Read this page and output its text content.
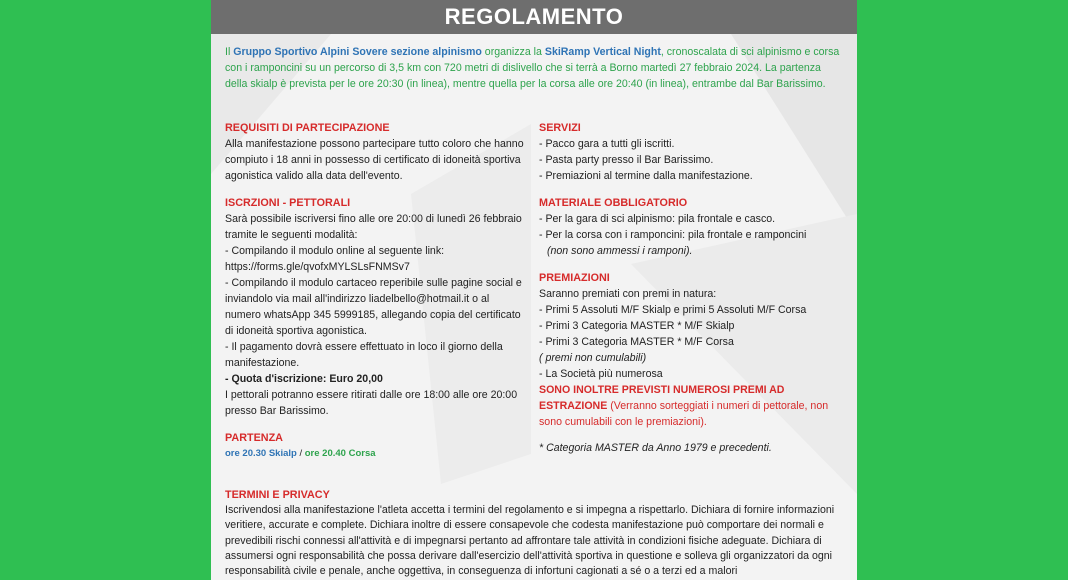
REGOLAMENTO
Il Gruppo Sportivo Alpini Sovere sezione alpinismo organizza la SkiRamp Vertical Night, cronoscalata di sci alpinismo e corsa con i ramponcini su un percorso di 3,5 km con 720 metri di dislivello che si terrà a Borno martedì 27 febbraio 2024. La partenza della skialp è prevista per le ore 20:30 (in linea), mentre quella per la corsa alle ore 20:40 (in linea), entrambe dal Bar Barissimo.

REQUISITI DI PARTECIPAZIONE

Alla manifestazione possono partecipare tutto coloro che hanno compiuto i 18 anni in possesso di certificato di idoneità sportiva agonistica valido alla data dell'evento.

ISCRZIONI - PETTORALI

Sarà possibile iscriversi fino alle ore 20:00 di lunedì 26 febbraio tramite le seguenti modalità:

- Compilando il modulo online al seguente link: https://forms.gle/qvofxMYLSLsFNMSv7

- Compilando il modulo cartaceo reperibile sulle pagine social e inviandolo via mail all'indirizzo liadelbello@hotmail.it o al numero whatsApp 345 5999185, allegando copia del certificato di idoneità sportiva agonistica.

- Il pagamento dovrà essere effettuato in loco il giorno della manifestazione.

- Quota d'iscrizione: Euro 20,00

I pettorali potranno essere ritirati dalle ore 18:00 alle ore 20:00 presso Bar Barissimo.

PARTENZA

ore 20.30 Skialp / ore 20.40 Corsa

SERVIZI

- Pacco gara a tutti gli iscritti.

- Pasta party presso il Bar Barissimo.

- Premiazioni al termine dalla manifestazione.

MATERIALE OBBLIGATORIO

- Per la gara di sci alpinismo: pila frontale e casco.

- Per la corsa con i ramponcini: pila frontale e ramponcini

(non sono ammessi i ramponi).

PREMIAZIONI

Saranno premiati con premi in natura:

- Primi 5 Assoluti M/F Skialp e primi 5 Assoluti M/F Corsa

- Primi 3 Categoria MASTER * M/F Skialp

- Primi 3 Categoria MASTER * M/F Corsa

( premi non cumulabili)

- La Società più numerosa

SONO INOLTRE PREVISTI NUMEROSI PREMI AD ESTRAZIONE (Verranno sorteggiati i numeri di pettorale, non sono cumulabili con le premiazioni).

* Categoria MASTER da Anno 1979 e precedenti.

TERMINI E PRIVACY

Iscrivendosi alla manifestazione l'atleta accetta i termini del regolamento e si impegna a rispettarlo. Dichiara di fornire informazioni veritiere, accurate e complete. Dichiara inoltre di essere consapevole che codesta manifestazione può comportare dei normali e prevedibili rischi connessi all'attività e di impegnarsi pertanto ad affrontare tale attività in condizioni fisiche adeguate. Dichiara di assumersi ogni responsabilità che possa derivare dall'esercizio dell'attività sportiva in questione e solleva gli organizzatori da ogni responsabilità civile e penale, anche oggettiva, in conseguenza di infortuni cagionati a sé o a terzi ed a malori
